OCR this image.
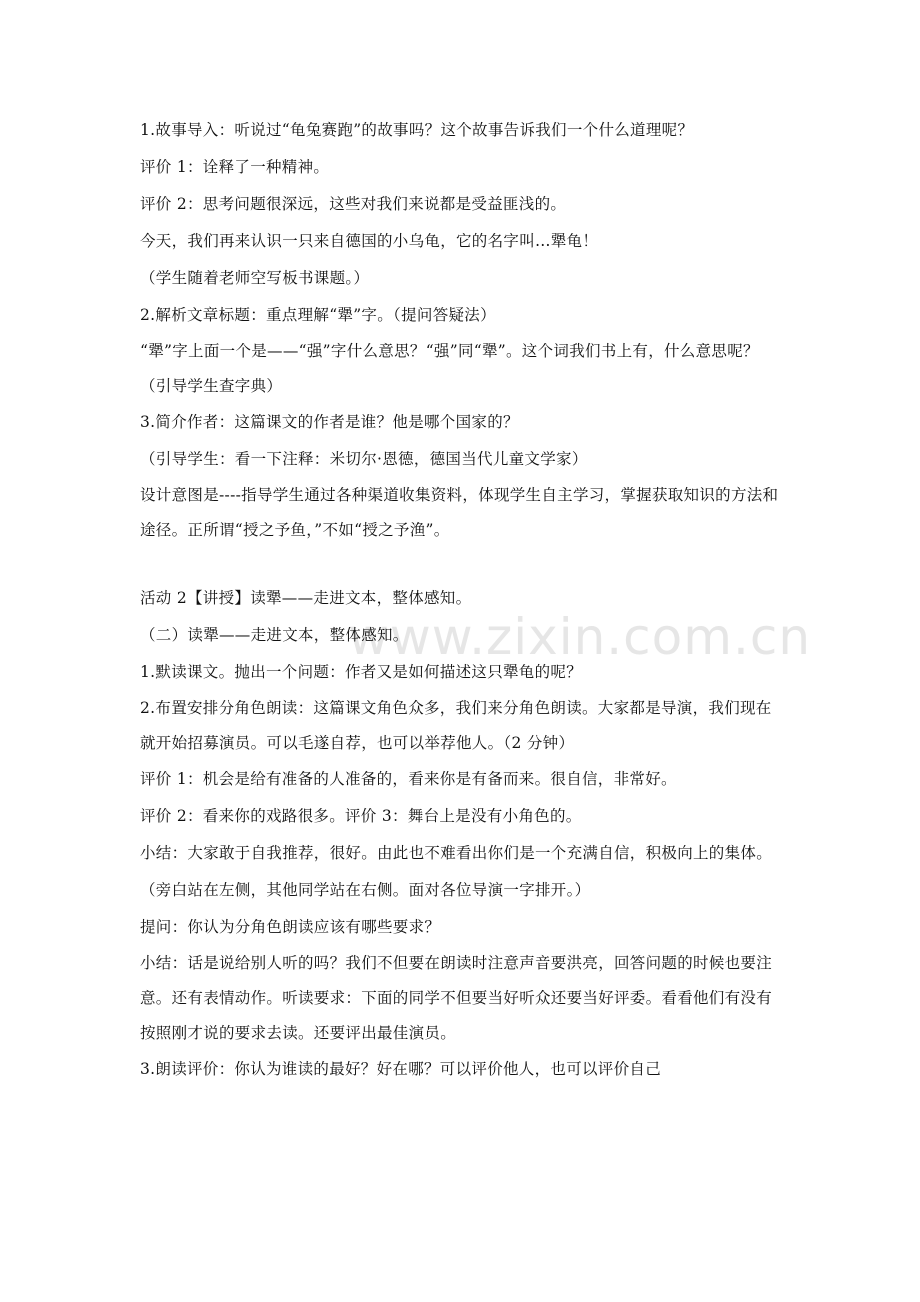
www.zixin.com.cn

1.故事导入：听说过“龟兔赛跑”的故事吗？这个故事告诉我们一个什么道理呢？

评价 1：诠释了一种精神。

评价 2：思考问题很深远，这些对我们来说都是受益匪浅的。

今天，我们再来认识一只来自德国的小乌龟，它的名字叫…犟龟！

（学生随着老师空写板书课题。）

2.解析文章标题：重点理解“犟”字。（提问答疑法）

“犟”字上面一个是——“强”字什么意思？“强”同“犟”。这个词我们书上有，什么意思呢？（引导学生查字典）

3.简介作者：这篇课文的作者是谁？他是哪个国家的？

（引导学生：看一下注释：米切尔·恩德，德国当代儿童文学家）

设计意图是----指导学生通过各种渠道收集资料，体现学生自主学习，掌握获取知识的方法和途径。正所谓“授之予鱼，”不如“授之予渔”。

活动 2【讲授】读犟——走进文本，整体感知。

（二）读犟——走进文本，整体感知。

1.默读课文。抛出一个问题：作者又是如何描述这只犟龟的呢？

2.布置安排分角色朗读：这篇课文角色众多，我们来分角色朗读。大家都是导演，我们现在就开始招募演员。可以毛遂自荐，也可以举荐他人。（2 分钟）

评价 1：机会是给有准备的人准备的，看来你是有备而来。很自信，非常好。

评价 2：看来你的戏路很多。评价 3：舞台上是没有小角色的。

小结：大家敢于自我推荐，很好。由此也不难看出你们是一个充满自信，积极向上的集体。

（旁白站在左侧，其他同学站在右侧。面对各位导演一字排开。）

提问：你认为分角色朗读应该有哪些要求？

小结：话是说给别人听的吗？我们不但要在朗读时注意声音要洪亮，回答问题的时候也要注意。还有表情动作。听读要求：下面的同学不但要当好听众还要当好评委。看看他们有没有按照刚才说的要求去读。还要评出最佳演员。

3.朗读评价：你认为谁读的最好？好在哪？可以评价他人，也可以评价自己
